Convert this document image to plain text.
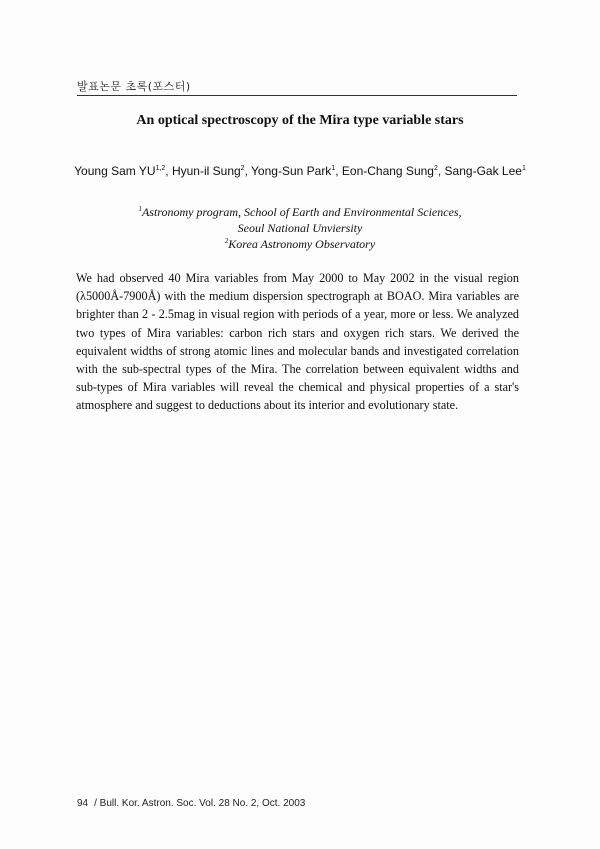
발표논문 초록(포스터)
An optical spectroscopy of the Mira type variable stars
Young Sam YU$^{1,2}$, Hyun-il Sung$^2$, Yong-Sun Park$^1$, Eon-Chang Sung$^2$, Sang-Gak Lee$^1$
$^1$Astronomy program, School of Earth and Environmental Sciences,
Seoul National Unviersity
$^2$Korea Astronomy Observatory

We had observed 40 Mira variables from May 2000 to May 2002 in the visual region (λ5000Å-7900Å) with the medium dispersion spectrograph at BOAO. Mira variables are brighter than 2 - 2.5mag in visual region with periods of a year, more or less. We analyzed two types of Mira variables: carbon rich stars and oxygen rich stars. We derived the equivalent widths of strong atomic lines and molecular bands and investigated correlation with the sub-spectral types of the Mira. The correlation between equivalent widths and sub-types of Mira variables will reveal the chemical and physical properties of a star's atmosphere and suggest to deductions about its interior and evolutionary state.

94 / Bull. Kor. Astron. Soc. Vol. 28 No. 2, Oct. 2003
